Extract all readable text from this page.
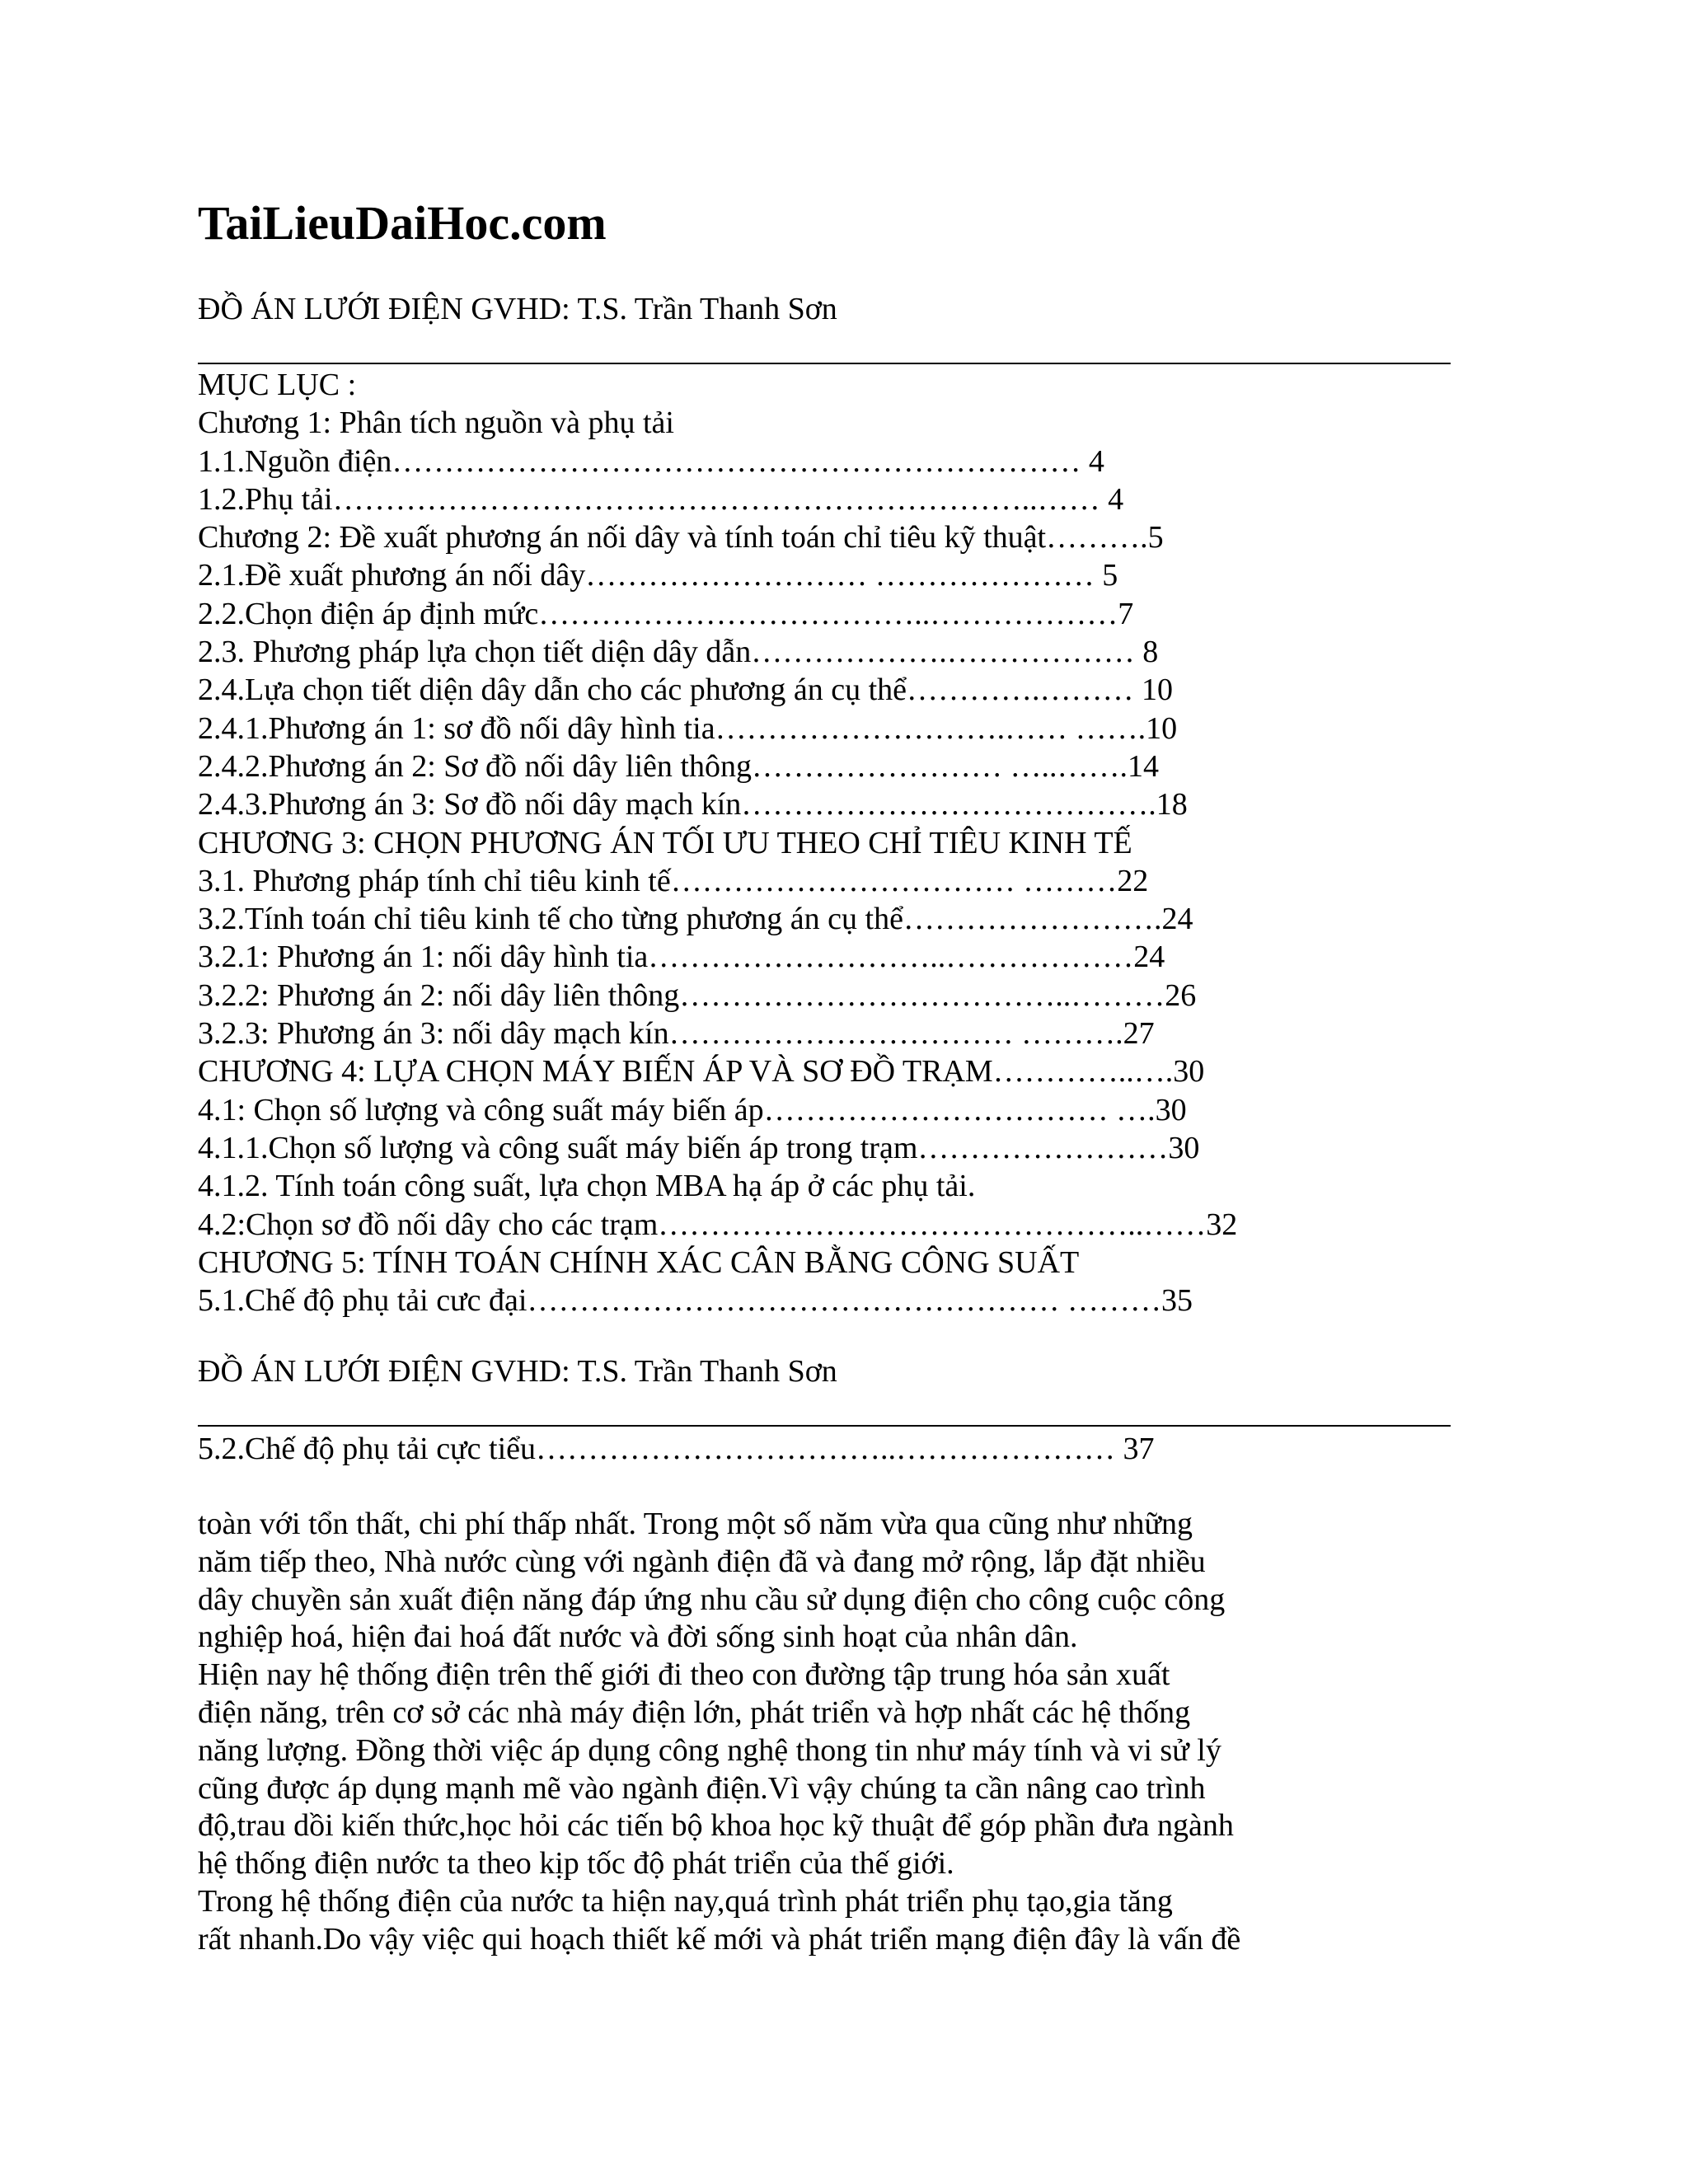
TaiLieuDaiHoc.com
ĐỒ ÁN LƯỚI ĐIỆN GVHD: T.S. Trần Thanh Sơn
MỤC LỤC :
Chương 1: Phân tích nguồn và phụ tải
1.1.Nguồn điện………………………………………………………… 4
1.2.Phụ tải…………………………………………………………..…… 4
Chương 2: Đề xuất phương án nối dây và tính toán chỉ tiêu kỹ thuật……….5
2.1.Đề xuất phương án nối dây……………………… ………………… 5
2.2.Chọn điện áp định mức………………………………..………………7
2.3. Phương pháp lựa chọn tiết diện dây dẫn……………….……………… 8
2.4.Lựa chọn tiết diện dây dẫn cho các phương án cụ thể………….……… 10
2.4.1.Phương án 1: sơ đồ nối dây hình tia……………………….…… …….10
2.4.2.Phương án 2: Sơ đồ nối dây liên thông…………………… …..…….14
2.4.3.Phương án 3: Sơ đồ nối dây mạch kín………………………………….18
CHƯƠNG 3: CHỌN PHƯƠNG ÁN TỐI ƯU THEO CHỈ TIÊU KINH TẾ
3.1. Phương pháp tính chỉ tiêu kinh tế…………………………… ………22
3.2.Tính toán chỉ tiêu kinh tế cho từng phương án cụ thể…………………….24
3.2.1: Phương án 1: nối dây hình tia………………………..………………24
3.2.2: Phương án 2: nối dây liên thông………………………………..………26
3.2.3: Phương án 3: nối dây mạch kín…………………………… ……….27
CHƯƠNG 4: LỰA CHỌN MÁY BIẾN ÁP VÀ SƠ ĐỒ TRẠM…………..….30
4.1: Chọn số lượng và công suất máy biến áp…………………………… ….30
4.1.1.Chọn số lượng và công suất máy biến áp trong trạm……………………30
4.1.2. Tính toán công suất, lựa chọn MBA hạ áp ở các phụ tải.
4.2:Chọn sơ đồ nối dây cho các trạm………………………………………..……32
CHƯƠNG 5: TÍNH TOÁN CHÍNH XÁC CÂN BẰNG CÔNG SUẤT
5.1.Chế độ phụ tải cưc đại…………………………………………… ………35
ĐỒ ÁN LƯỚI ĐIỆN GVHD: T.S. Trần Thanh Sơn
5.2.Chế độ phụ tải cực tiểu……………………………..………………… 37
toàn với tổn thất, chi phí thấp nhất. Trong một số năm vừa qua cũng như những
năm tiếp theo, Nhà nước cùng với ngành điện đã và đang mở rộng, lắp đặt nhiều
dây chuyền sản xuất điện năng đáp ứng nhu cầu sử dụng điện cho công cuộc công
nghiệp hoá, hiện đai hoá đất nước và đời sống sinh hoạt của nhân dân.
Hiện nay hệ thống điện trên thế giới đi theo con đường tập trung hóa sản xuất
điện năng, trên cơ sở các nhà máy điện lớn, phát triển và hợp nhất các hệ thống
năng lượng. Đồng thời việc áp dụng công nghệ thong tin như máy tính và vi sử lý
cũng được áp dụng mạnh mẽ vào ngành điện.Vì vậy chúng ta cần nâng cao trình
độ,trau dồi kiến thức,học hỏi các tiến bộ khoa học kỹ thuật để góp phần đưa ngành
hệ thống điện nước ta theo kịp tốc độ phát triển của thế giới.
Trong hệ thống điện của nước ta hiện nay,quá trình phát triển phụ tạo,gia tăng
rất nhanh.Do vậy việc qui hoạch thiết kế mới và phát triển mạng điện đây là vấn đề
